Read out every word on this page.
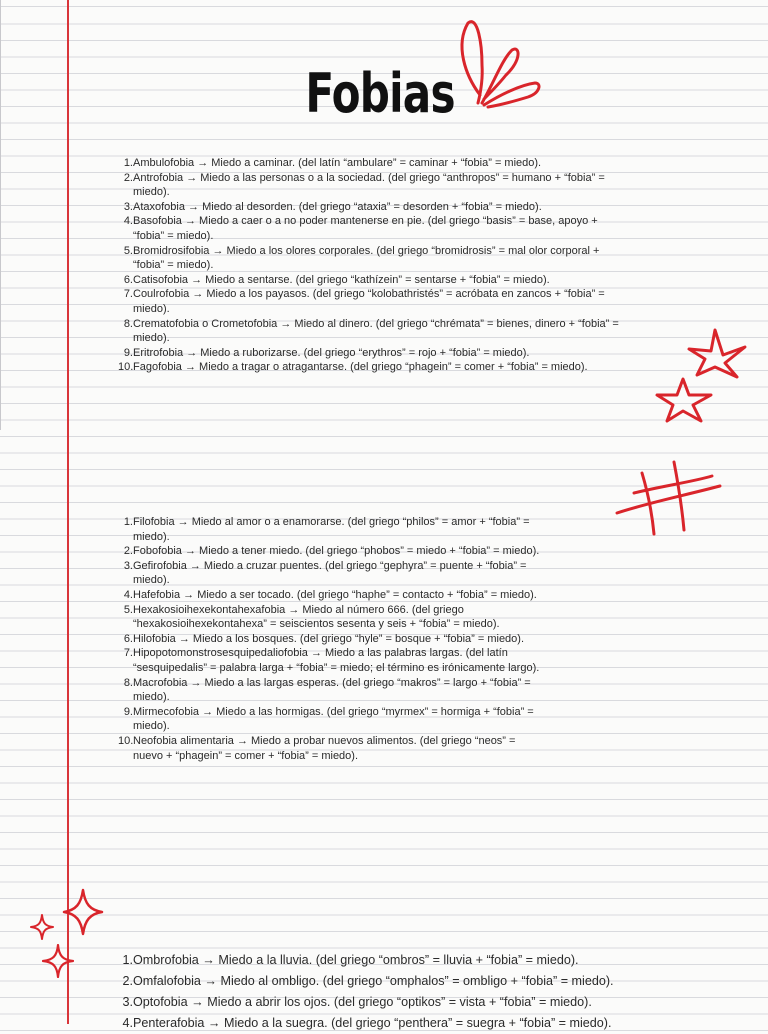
Fobias
1. Ambulofobia → Miedo a caminar. (del latín “ambulare” = caminar + “fobia” = miedo).
2. Antrofobia → Miedo a las personas o a la sociedad. (del griego “anthropos” = humano + “fobia” =
miedo).
3. Ataxofobia → Miedo al desorden. (del griego “ataxia” = desorden + “fobia” = miedo).
4. Basofobia → Miedo a caer o a no poder mantenerse en pie. (del griego “basis” = base, apoyo +
“fobia” = miedo).
5. Bromidrosifobia → Miedo a los olores corporales. (del griego “bromidrosis” = mal olor corporal +
“fobia” = miedo).
6. Catisofobia → Miedo a sentarse. (del griego “kathízein” = sentarse + “fobia” = miedo).
7. Coulrofobia → Miedo a los payasos. (del griego “kolobathristés” = acróbata en zancos + “fobia” =
miedo).
8. Crematofobia o Crometofobia → Miedo al dinero. (del griego “chrémata” = bienes, dinero + “fobia” =
miedo).
9. Eritrofobia → Miedo a ruborizarse. (del griego “erythros” = rojo + “fobia” = miedo).
10. Fagofobia → Miedo a tragar o atragantarse. (del griego “phagein” = comer + “fobia” = miedo).
1. Filofobia → Miedo al amor o a enamorarse. (del griego “philos” = amor + “fobia” =
miedo).
2. Fobofobia → Miedo a tener miedo. (del griego “phobos” = miedo + “fobia” = miedo).
3. Gefirofobia → Miedo a cruzar puentes. (del griego “gephyra” = puente + “fobia” =
miedo).
4. Hafefobia → Miedo a ser tocado. (del griego “haphe” = contacto + “fobia” = miedo).
5. Hexakosioihexekontahexafobia → Miedo al número 666. (del griego
“hexakosioihexekontahexa” = seiscientos sesenta y seis + “fobia” = miedo).
6. Hilofobia → Miedo a los bosques. (del griego “hyle” = bosque + “fobia” = miedo).
7. Hipopotomonstrosesquipedaliofobia → Miedo a las palabras largas. (del latín
“sesquipedalis” = palabra larga + “fobia” = miedo; el término es irónicamente largo).
8. Macrofobia → Miedo a las largas esperas. (del griego “makros” = largo + “fobia” =
miedo).
9. Mirmecofobia → Miedo a las hormigas. (del griego “myrmex” = hormiga + “fobia” =
miedo).
10. Neofobia alimentaria → Miedo a probar nuevos alimentos. (del griego “neos” =
nuevo + “phagein” = comer + “fobia” = miedo).
1. Ombrofobia → Miedo a la lluvia. (del griego “ombros” = lluvia + “fobia” = miedo).
2. Omfalofobia → Miedo al ombligo. (del griego “omphalos” = ombligo + “fobia” = miedo).
3. Optofobia → Miedo a abrir los ojos. (del griego “optikos” = vista + “fobia” = miedo).
4. Penterafobia → Miedo a la suegra. (del griego “penthera” = suegra + “fobia” = miedo).
